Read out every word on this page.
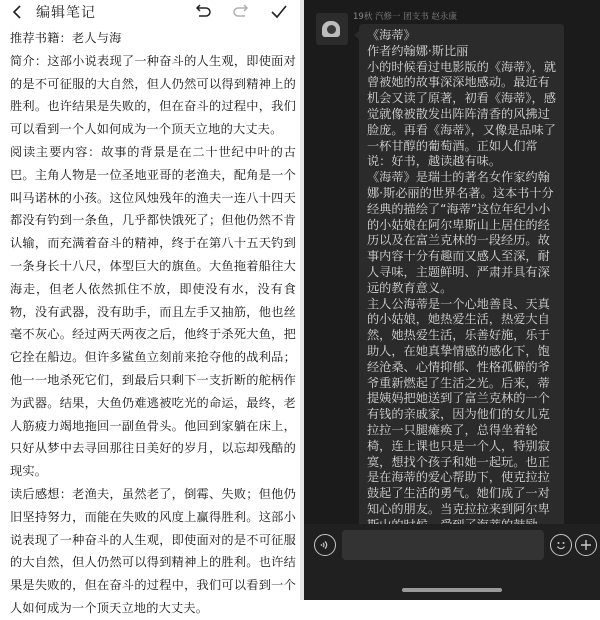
编辑笔记

推荐书籍：老人与海

简介：这部小说表现了一种奋斗的人生观，即使面对的是不可征服的大自然，但人仍然可以得到精神上的胜利。也许结果是失败的，但在奋斗的过程中，我们可以看到一个人如何成为一个顶天立地的大丈夫。

阅读主要内容：故事的背景是在二十世纪中叶的古巴。主角人物是一位圣地亚哥的老渔夫，配角是一个叫马诺林的小孩。这位风烛残年的渔夫一连八十四天都没有钓到一条鱼，几乎都快饿死了；但他仍然不肯认输，而充满着奋斗的精神，终于在第八十五天钓到一条身长十八尺，体型巨大的旗鱼。大鱼拖着船往大海走，但老人依然抓住不放，即使没有水，没有食物，没有武器，没有助手，而且左手又抽筋，他也丝毫不灰心。经过两天两夜之后，他终于杀死大鱼，把它拴在船边。但许多鲨鱼立刻前来抢夺他的战利品；他一一地杀死它们，到最后只剩下一支折断的舵柄作为武器。结果，大鱼仍难逃被吃光的命运，最终，老人筋疲力竭地拖回一副鱼骨头。他回到家躺在床上，只好从梦中去寻回那往日美好的岁月，以忘却残酷的现实。

读后感想：老渔夫，虽然老了，倒霉、失败；但他仍旧坚持努力，而能在失败的风度上赢得胜利。这部小说表现了一种奋斗的人生观，即使面对的是不可征服的大自然，但人仍然可以得到精神上的胜利。也许结果是失败的，但在奋斗的过程中，我们可以看到一个人如何成为一个顶天立地的大丈夫。

19秋 汽修一 团支书 赵永康

《海蒂》

作者约翰娜·斯比丽

小的时候看过电影版的《海蒂》，就曾被她的故事深深地感动。最近有机会又读了原著，初看《海蒂》，感觉就像被散发出阵阵清香的风拂过脸庞。再看《海蒂》，又像是品味了一杯甘醇的葡萄酒。正如人们常说：好书，越读越有味。

《海蒂》是瑞士的著名女作家约翰娜·斯必丽的世界名著。这本书十分经典的描绘了“海蒂”这位年纪小小的小姑娘在阿尔卑斯山上居住的经历以及在富兰克林的一段经历。故事内容十分有趣而又感人至深，耐人寻味，主题鲜明、严肃并具有深远的教育意义。

主人公海蒂是一个心地善良、天真的小姑娘，她热爱生活，热爱大自然，她热爱生活，乐善好施，乐于助人，在她真挚情感的感化下，饱经沧桑、心情抑郁、性格孤僻的爷爷重新燃起了生活之光。后来，蒂提姨妈把她送到了富兰克林的一个有钱的亲戚家，因为他们的女儿克拉拉一只腿瘫痪了，总得坐着轮椅，连上课也只是一个人，特别寂寞，想找个孩子和她一起玩。也正是在海蒂的爱心帮助下，使克拉拉鼓起了生活的勇气。她们成了一对知心的朋友。当克拉拉来到阿尔卑
